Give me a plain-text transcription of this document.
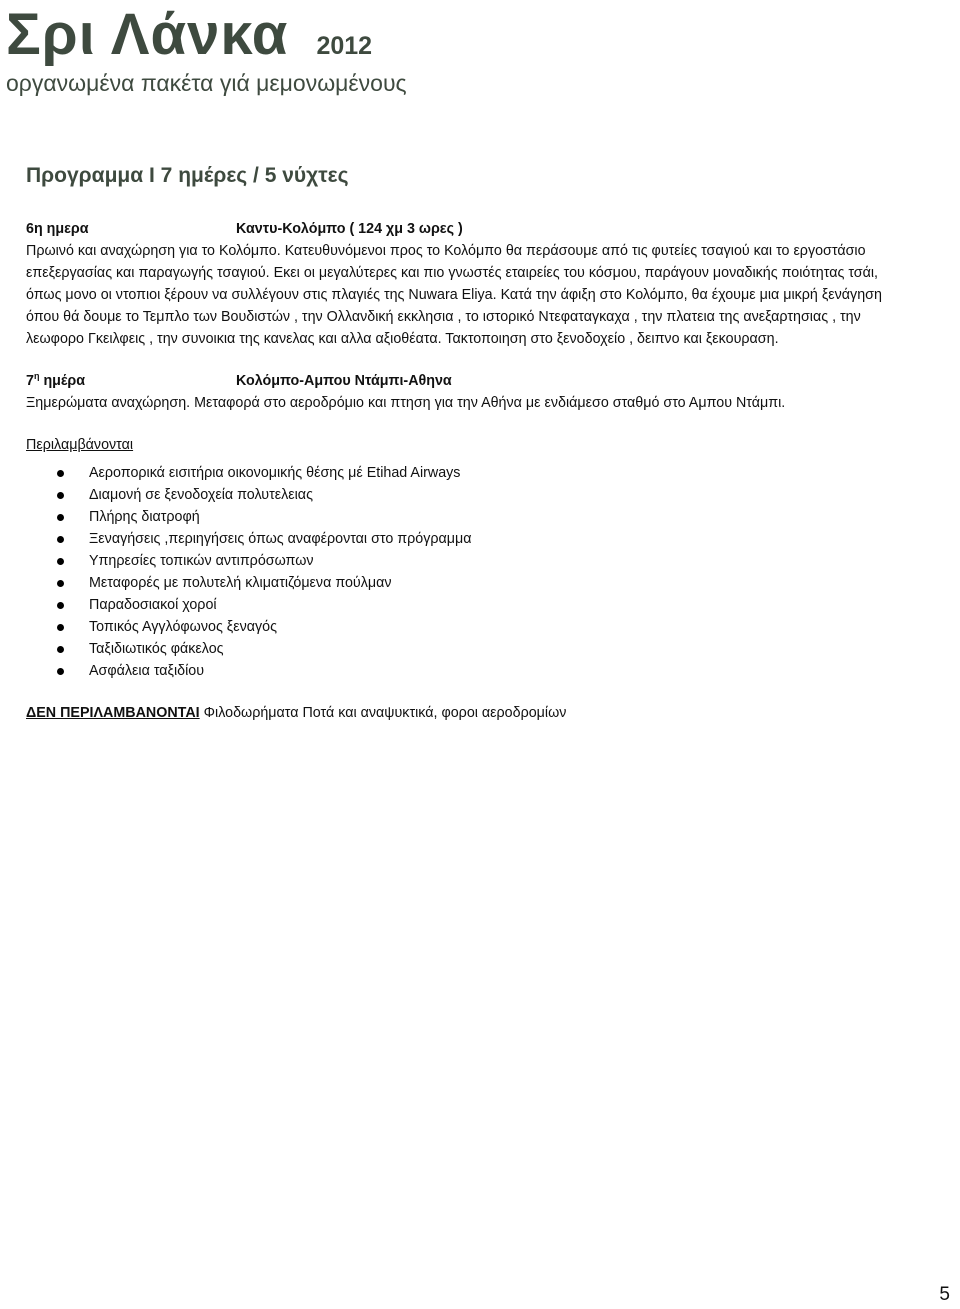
Σρι Λάνκα 2012
οργανωμένα πακέτα γιά μεμονωμένους
Προγραμμα Ι 7 ημέρες / 5 νύχτες
6η ημερα	Καντυ-Κολόμπο ( 124 χμ 3 ωρες )

Πρωινό και αναχώρηση για το Κολόμπο. Κατευθυνόμενοι προς το Κολόμπο θα περάσουμε από τις φυτείες τσαγιού και το εργοστάσιο επεξεργασίας και παραγωγής τσαγιού. Εκει οι μεγαλύτερες και πιο γνωστές εταιρείες του κόσμου, παράγουν μοναδικής ποιότητας τσάι, όπως μονο οι ντοπιοι ξέρουν να συλλέγουν στις πλαγιές της Nuwara Eliya. Κατά την άφιξη στο Κολόμπο, θα έχουμε μια μικρή ξενάγηση όπου θά δουμε το Τεμπλο των Βουδιστών , την Ολλανδική εκκλησια , το ιστορικό Ντεφαταγκαχα , την πλατεια της ανεξαρτησιας , την λεωφορο Γκειλφεις , την συνοικια της κανελας και αλλα αξιοθέατα. Τακτοποιηση στο ξενοδοχείο , δειπνο και ξεκουραση.

$7^\eta$ ημέρα	Κολόμπο-Αμπου Ντάμπι-Αθηνα

Ξημερώματα αναχώρηση. Μεταφορά στο αεροδρόμιο και πτηση για την Αθήνα με ενδιάμεσο σταθμό στο Αμπου Ντάμπι.

Περιλαμβάνονται
Αεροπορικά εισιτήρια οικονομικής θέσης μέ Etihad Airways
Διαμονή σε ξενοδοχεία πολυτελειας
Πλήρης διατροφή
Ξεναγήσεις ,περιηγήσεις όπως αναφέρονται στο πρόγραμμα
Υπηρεσίες τοπικών αντιπρόσωπων
Μεταφορές με πολυτελή κλιματιζόμενα πούλμαν
Παραδοσιακοί χοροί
Τοπικός Αγγλόφωνος ξεναγός
Ταξιδιωτικός φάκελος
Ασφάλεια ταξιδίου
ΔΕΝ ΠΕΡΙΛΑΜΒΑΝΟΝΤΑΙ Φιλοδωρήματα Ποτά και αναψυκτικά, φοροι αεροδρομίων
5
